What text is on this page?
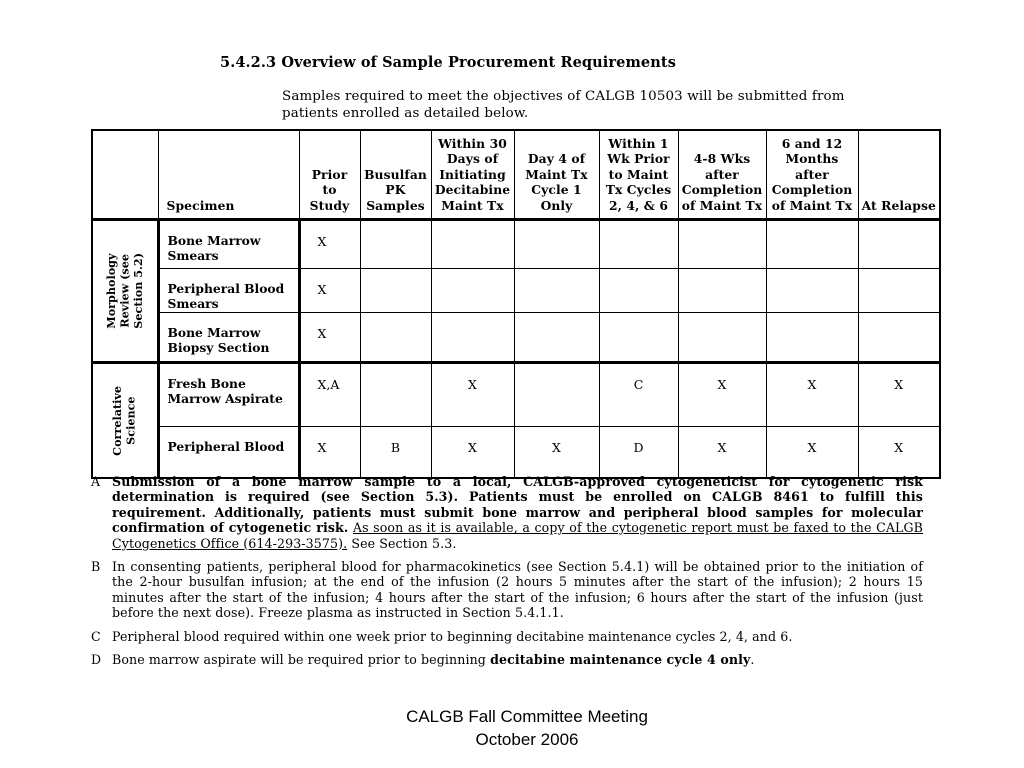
5.4.2.3 Overview of Sample Procurement Requirements
Samples required to meet the objectives of CALGB 10503 will be submitted from patients enrolled as detailed below.
	Specimen	Prior
to
Study	Busulfan
PK
Samples	Within 30
Days of
Initiating
Decitabine
Maint Tx	Day 4 of
Maint Tx
Cycle 1
Only	Within 1
Wk Prior
to Maint
Tx Cycles
2, 4, & 6	4-8 Wks
after
Completion
of Maint Tx	6 and 12
Months
after
Completion
of Maint Tx	At Relapse

Morphology
Review (see
Section 5.2)	Bone Marrow
Smears	X							
	Peripheral Blood
Smears	X							
	Bone Marrow
Biopsy Section	X							

Correlative
Science	Fresh Bone
Marrow Aspirate	X,A		X		C	X	X	X
	Peripheral Blood	X	B	X	X	D	X	X	X
A Submission of a bone marrow sample to a local, CALGB-approved cytogeneticist for cytogenetic risk determination is required (see Section 5.3). Patients must be enrolled on CALGB 8461 to fulfill this requirement. Additionally, patients must submit bone marrow and peripheral blood samples for molecular confirmation of cytogenetic risk. As soon as it is available, a copy of the cytogenetic report must be faxed to the CALGB Cytogenetics Office (614-293-3575). See Section 5.3.
B In consenting patients, peripheral blood for pharmacokinetics (see Section 5.4.1) will be obtained prior to the initiation of the 2-hour busulfan infusion; at the end of the infusion (2 hours 5 minutes after the start of the infusion); 2 hours 15 minutes after the start of the infusion; 4 hours after the start of the infusion; 6 hours after the start of the infusion (just before the next dose). Freeze plasma as instructed in Section 5.4.1.1.
C Peripheral blood required within one week prior to beginning decitabine maintenance cycles 2, 4, and 6.
D Bone marrow aspirate will be required prior to beginning decitabine maintenance cycle 4 only.
CALGB Fall Committee Meeting
October 2006
